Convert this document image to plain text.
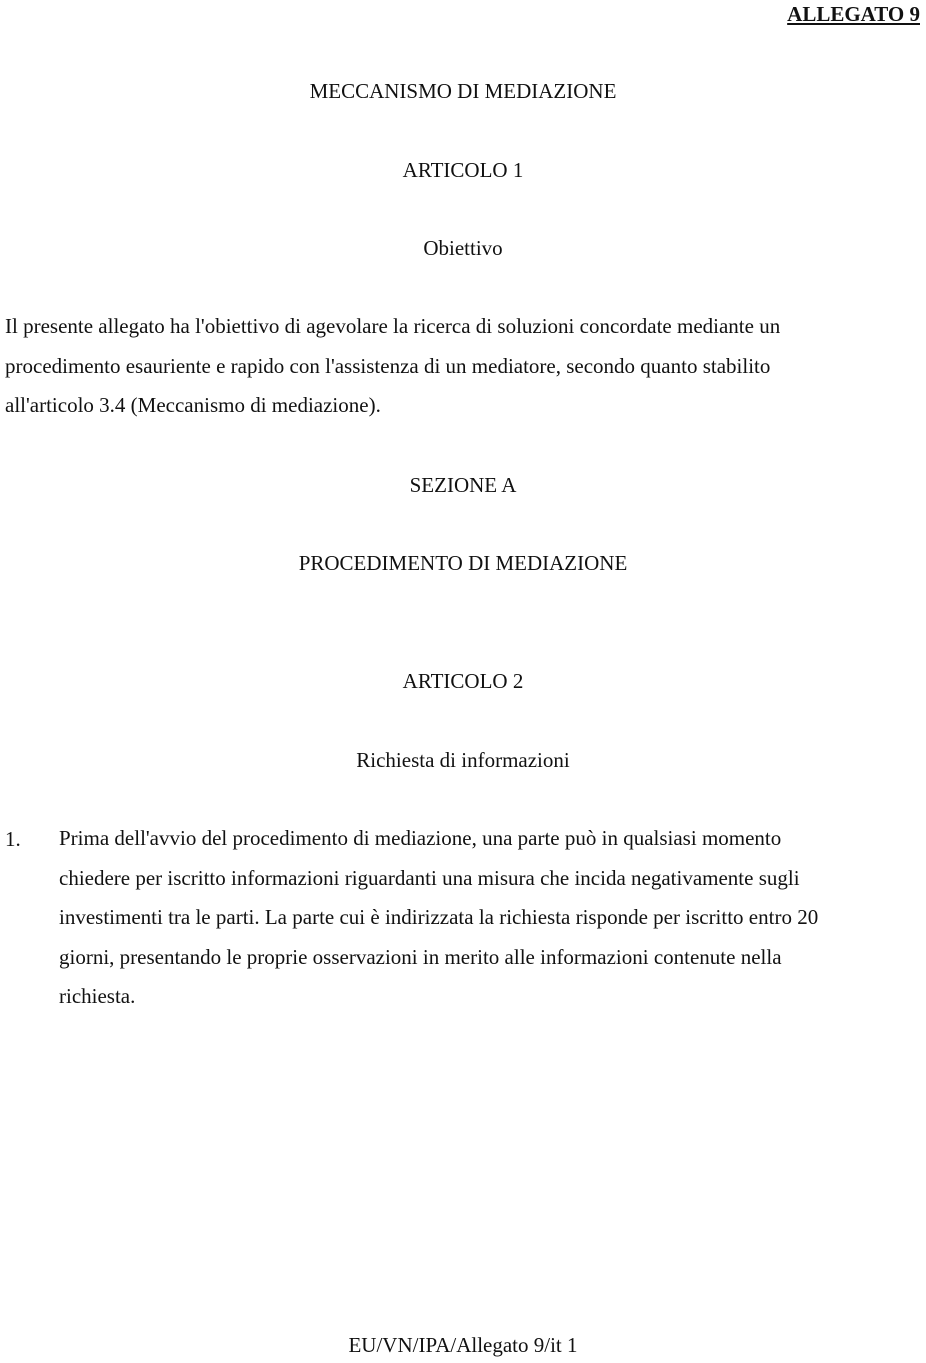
ALLEGATO 9
MECCANISMO DI MEDIAZIONE
ARTICOLO 1
Obiettivo
Il presente allegato ha l'obiettivo di agevolare la ricerca di soluzioni concordate mediante un
procedimento esauriente e rapido con l'assistenza di un mediatore, secondo quanto stabilito
all'articolo 3.4 (Meccanismo di mediazione).
SEZIONE A
PROCEDIMENTO DI MEDIAZIONE
ARTICOLO 2
Richiesta di informazioni
1. Prima dell'avvio del procedimento di mediazione, una parte può in qualsiasi momento
chiedere per iscritto informazioni riguardanti una misura che incida negativamente sugli
investimenti tra le parti. La parte cui è indirizzata la richiesta risponde per iscritto entro 20
giorni, presentando le proprie osservazioni in merito alle informazioni contenute nella
richiesta.
EU/VN/IPA/Allegato 9/it 1
